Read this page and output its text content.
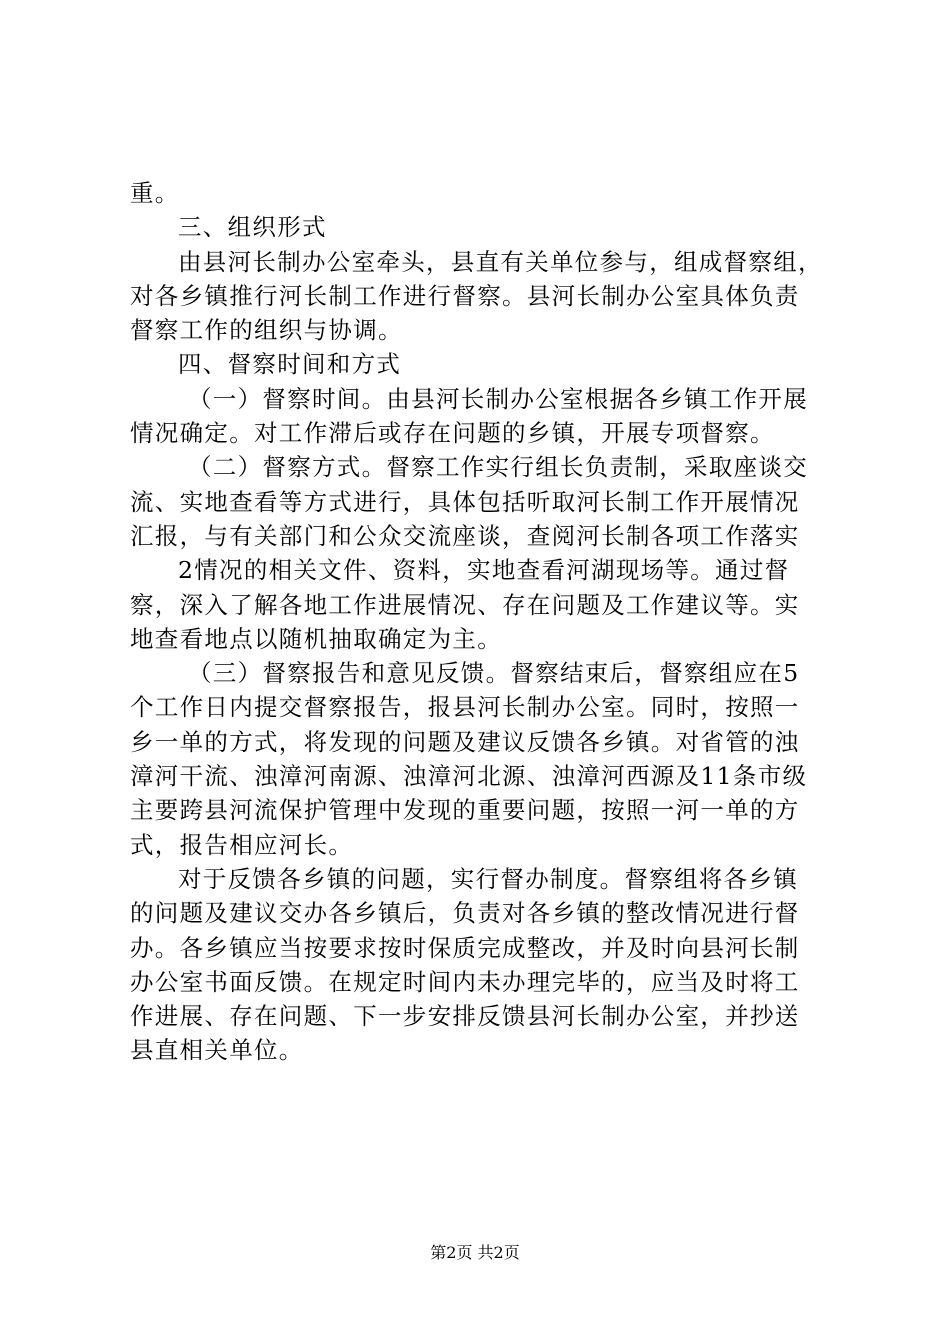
重。
三、组织形式
由县河长制办公室牵头，县直有关单位参与，组成督察组，
对各乡镇推行河长制工作进行督察。县河长制办公室具体负责
督察工作的组织与协调。
四、督察时间和方式
（一）督察时间。由县河长制办公室根据各乡镇工作开展
情况确定。对工作滞后或存在问题的乡镇，开展专项督察。
（二）督察方式。督察工作实行组长负责制，采取座谈交
流、实地查看等方式进行，具体包括听取河长制工作开展情况
汇报，与有关部门和公众交流座谈，查阅河长制各项工作落实
2情况的相关文件、资料，实地查看河湖现场等。通过督
察，深入了解各地工作进展情况、存在问题及工作建议等。实
地查看地点以随机抽取确定为主。
（三）督察报告和意见反馈。督察结束后，督察组应在5
个工作日内提交督察报告，报县河长制办公室。同时，按照一
乡一单的方式，将发现的问题及建议反馈各乡镇。对省管的浊
漳河干流、浊漳河南源、浊漳河北源、浊漳河西源及11条市级
主要跨县河流保护管理中发现的重要问题，按照一河一单的方
式，报告相应河长。
对于反馈各乡镇的问题，实行督办制度。督察组将各乡镇
的问题及建议交办各乡镇后，负责对各乡镇的整改情况进行督
办。各乡镇应当按要求按时保质完成整改，并及时向县河长制
办公室书面反馈。在规定时间内未办理完毕的，应当及时将工
作进展、存在问题、下一步安排反馈县河长制办公室，并抄送
县直相关单位。
第2页 共2页
